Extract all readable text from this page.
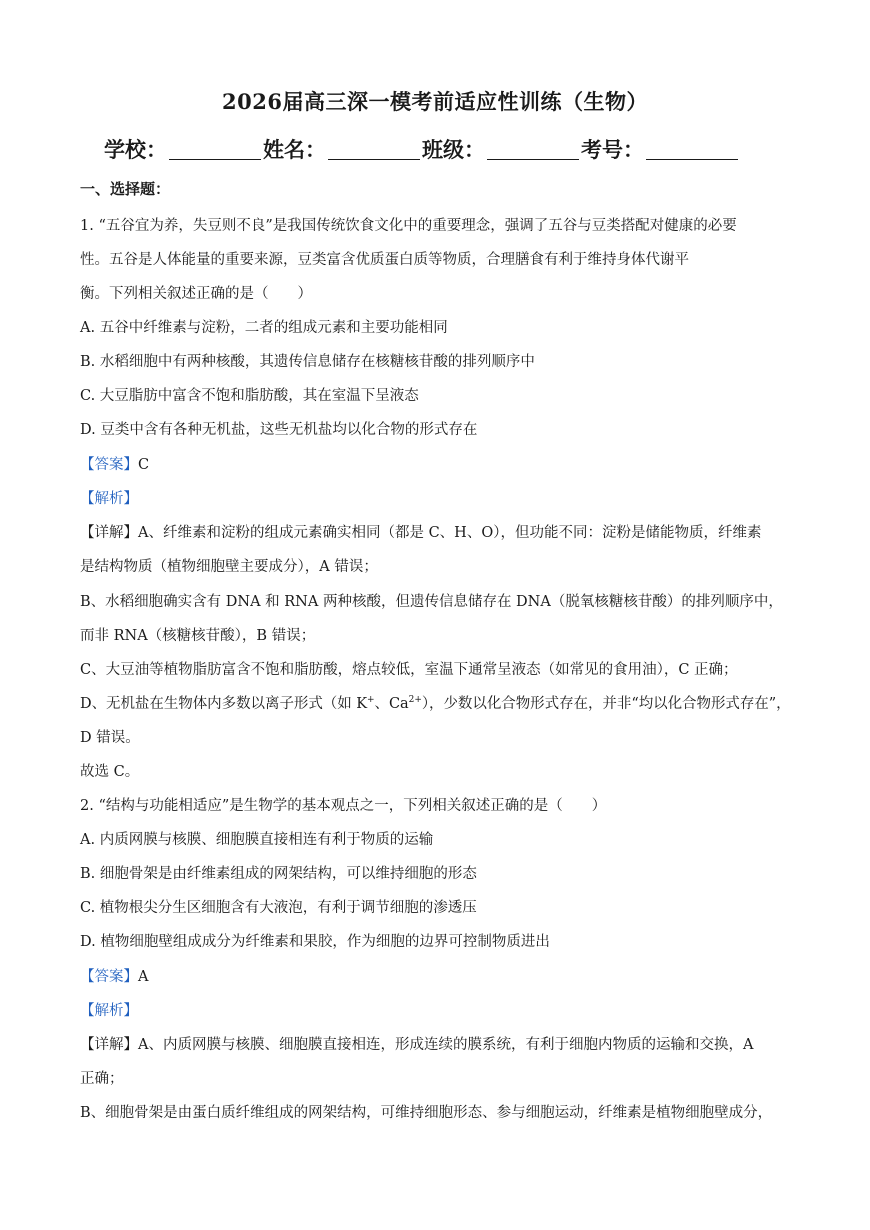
2026届高三深一模考前适应性训练（生物）
学校：	姓名：	班级：	考号：
一、选择题：
1. “五谷宜为养，失豆则不良”是我国传统饮食文化中的重要理念，强调了五谷与豆类搭配对健康的必要
性。五谷是人体能量的重要来源，豆类富含优质蛋白质等物质，合理膳食有利于维持身体代谢平
衡。下列相关叙述正确的是（　　）
A. 五谷中纤维素与淀粉，二者的组成元素和主要功能相同
B. 水稻细胞中有两种核酸，其遗传信息储存在核糖核苷酸的排列顺序中
C. 大豆脂肪中富含不饱和脂肪酸，其在室温下呈液态
D. 豆类中含有各种无机盐，这些无机盐均以化合物的形式存在
【答案】C
【解析】
【详解】A、纤维素和淀粉的组成元素确实相同（都是 C、H、O），但功能不同：淀粉是储能物质，纤维素
是结构物质（植物细胞壁主要成分），A 错误；
B、水稻细胞确实含有 DNA 和 RNA 两种核酸，但遗传信息储存在 DNA（脱氧核糖核苷酸）的排列顺序中，
而非 RNA（核糖核苷酸），B 错误；
C、大豆油等植物脂肪富含不饱和脂肪酸，熔点较低，室温下通常呈液态（如常见的食用油），C 正确；
D、无机盐在生物体内多数以离子形式（如 K+、$Ca^{2+}$），少数以化合物形式存在，并非“均以化合物形式存在”，
D 错误。
故选 C。
2. “结构与功能相适应”是生物学的基本观点之一，下列相关叙述正确的是（　　）
A. 内质网膜与核膜、细胞膜直接相连有利于物质的运输
B. 细胞骨架是由纤维素组成的网架结构，可以维持细胞的形态
C. 植物根尖分生区细胞含有大液泡，有利于调节细胞的渗透压
D. 植物细胞壁组成成分为纤维素和果胶，作为细胞的边界可控制物质进出
【答案】A
【解析】
【详解】A、内质网膜与核膜、细胞膜直接相连，形成连续的膜系统，有利于细胞内物质的运输和交换，A
正确；
B、细胞骨架是由蛋白质纤维组成的网架结构，可维持细胞形态、参与细胞运动，纤维素是植物细胞壁成分，
